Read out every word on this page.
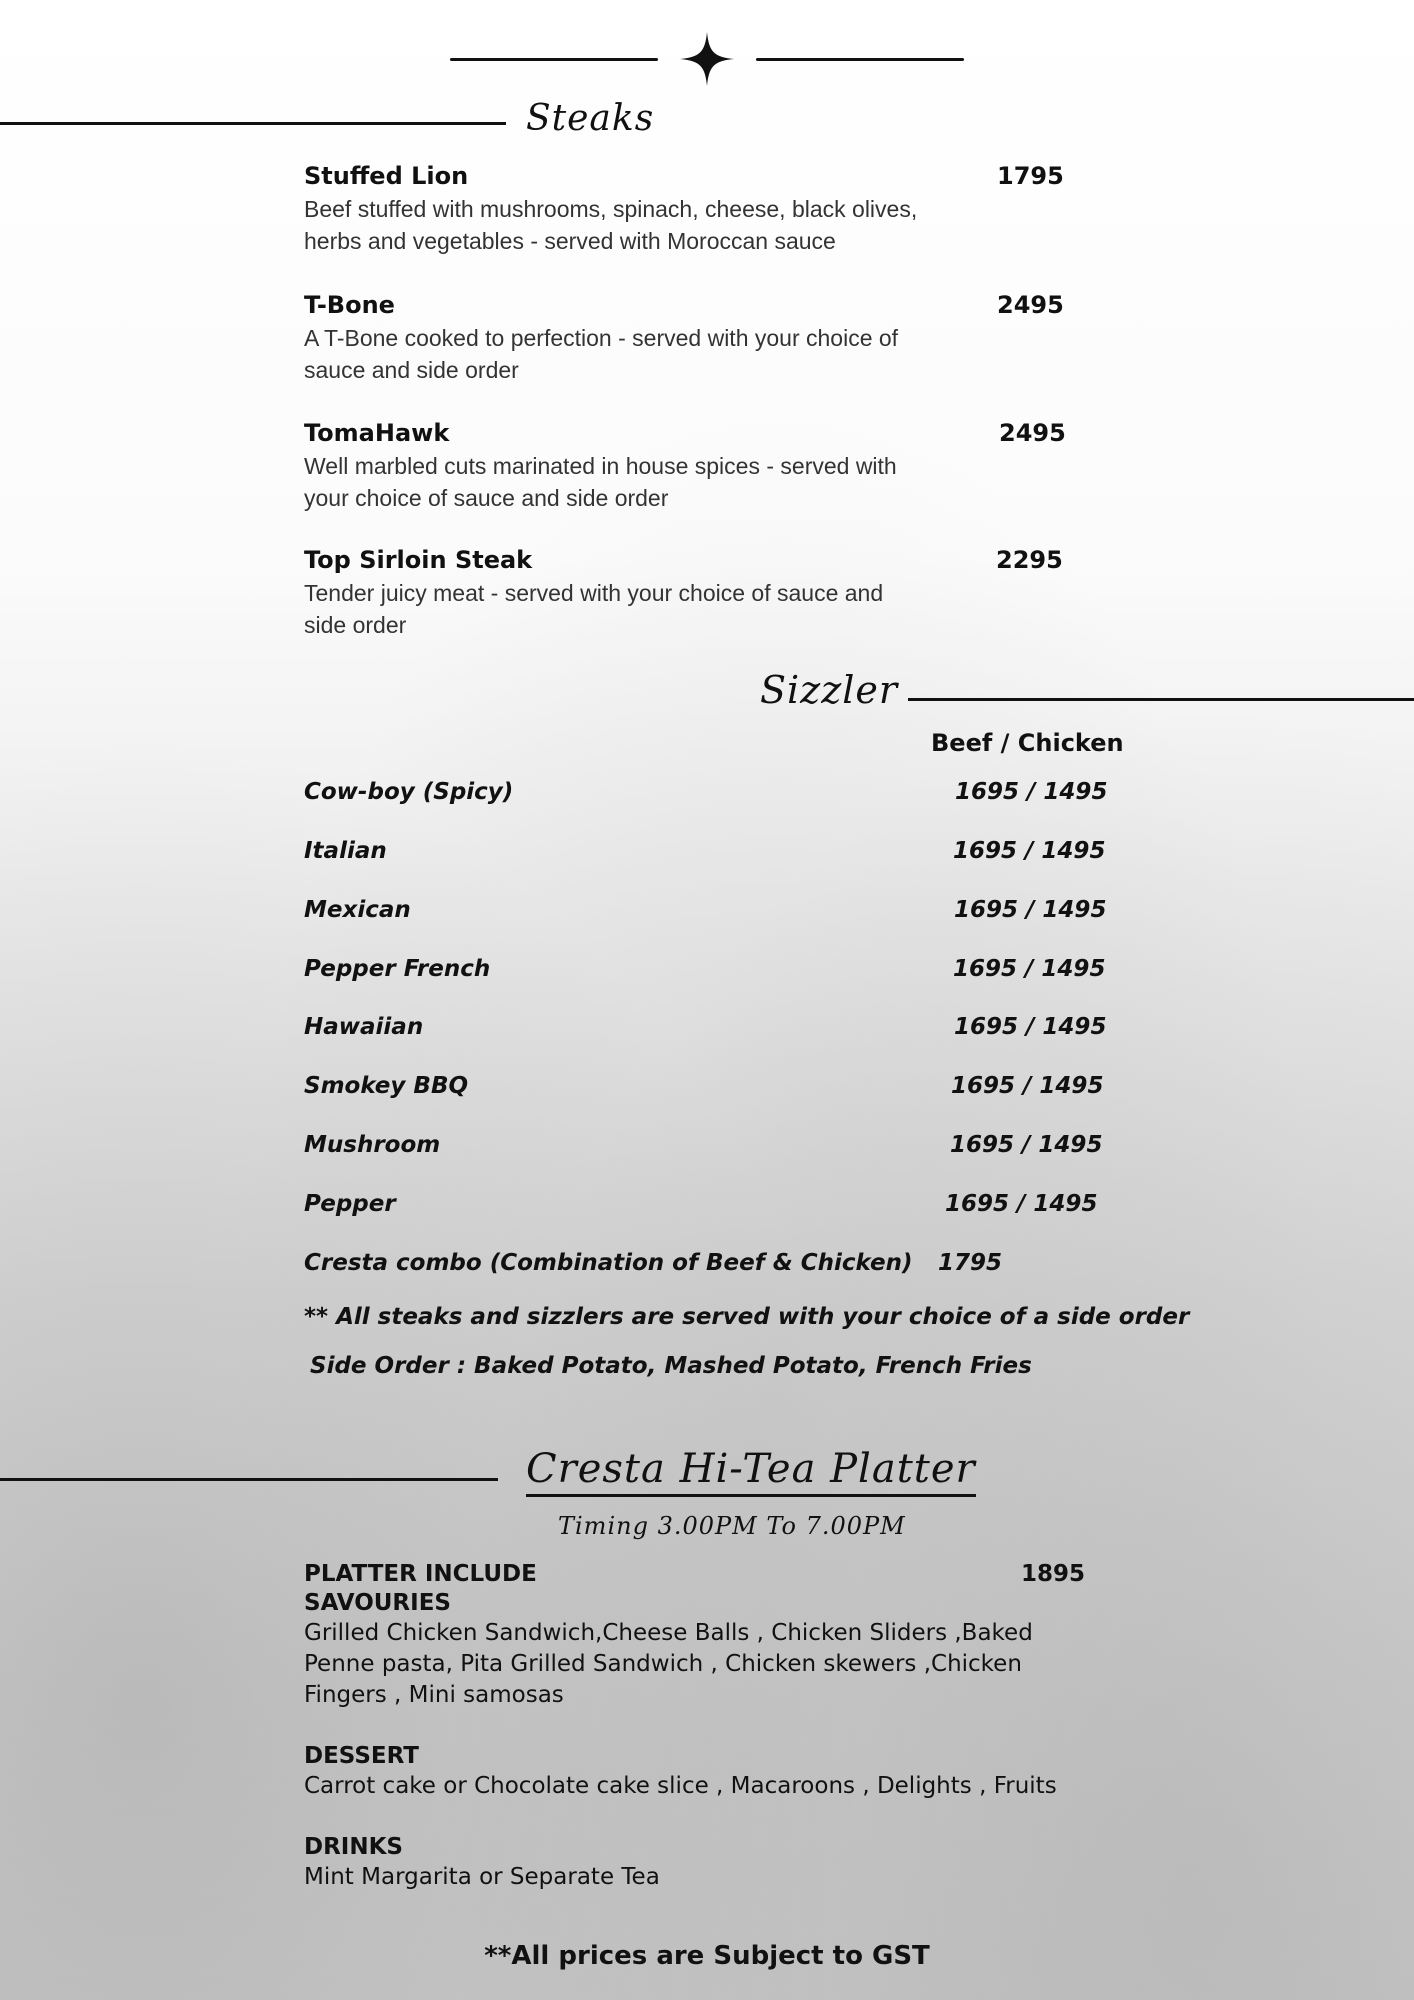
Steaks
Stuffed Lion	1795
Beef stuffed with mushrooms, spinach, cheese, black olives, herbs and vegetables - served with Moroccan sauce
T-Bone	2495
A T-Bone cooked to perfection - served with your choice of sauce and side order
TomaHawk	2495
Well marbled cuts marinated in house spices - served with your choice of sauce and side order
Top Sirloin Steak	2295
Tender juicy meat - served with your choice of sauce and side order
Sizzler
Beef / Chicken
Cow-boy (Spicy)	1695 / 1495
Italian	1695 / 1495
Mexican	1695 / 1495
Pepper French	1695 / 1495
Hawaiian	1695 / 1495
Smokey BBQ	1695 / 1495
Mushroom	1695 / 1495
Pepper	1695 / 1495
Cresta combo (Combination of Beef & Chicken) 1795
** All steaks and sizzlers are served with your choice of a side order
Side Order : Baked Potato, Mashed Potato, French Fries
Cresta Hi-Tea Platter
Timing 3.00PM To 7.00PM
PLATTER INCLUDE	1895
SAVOURIES
Grilled Chicken Sandwich,Cheese Balls , Chicken Sliders ,Baked Penne pasta, Pita Grilled Sandwich , Chicken skewers ,Chicken Fingers , Mini samosas
DESSERT
Carrot cake or Chocolate cake slice , Macaroons , Delights , Fruits
DRINKS
Mint Margarita or Separate Tea
**All prices are Subject to GST
